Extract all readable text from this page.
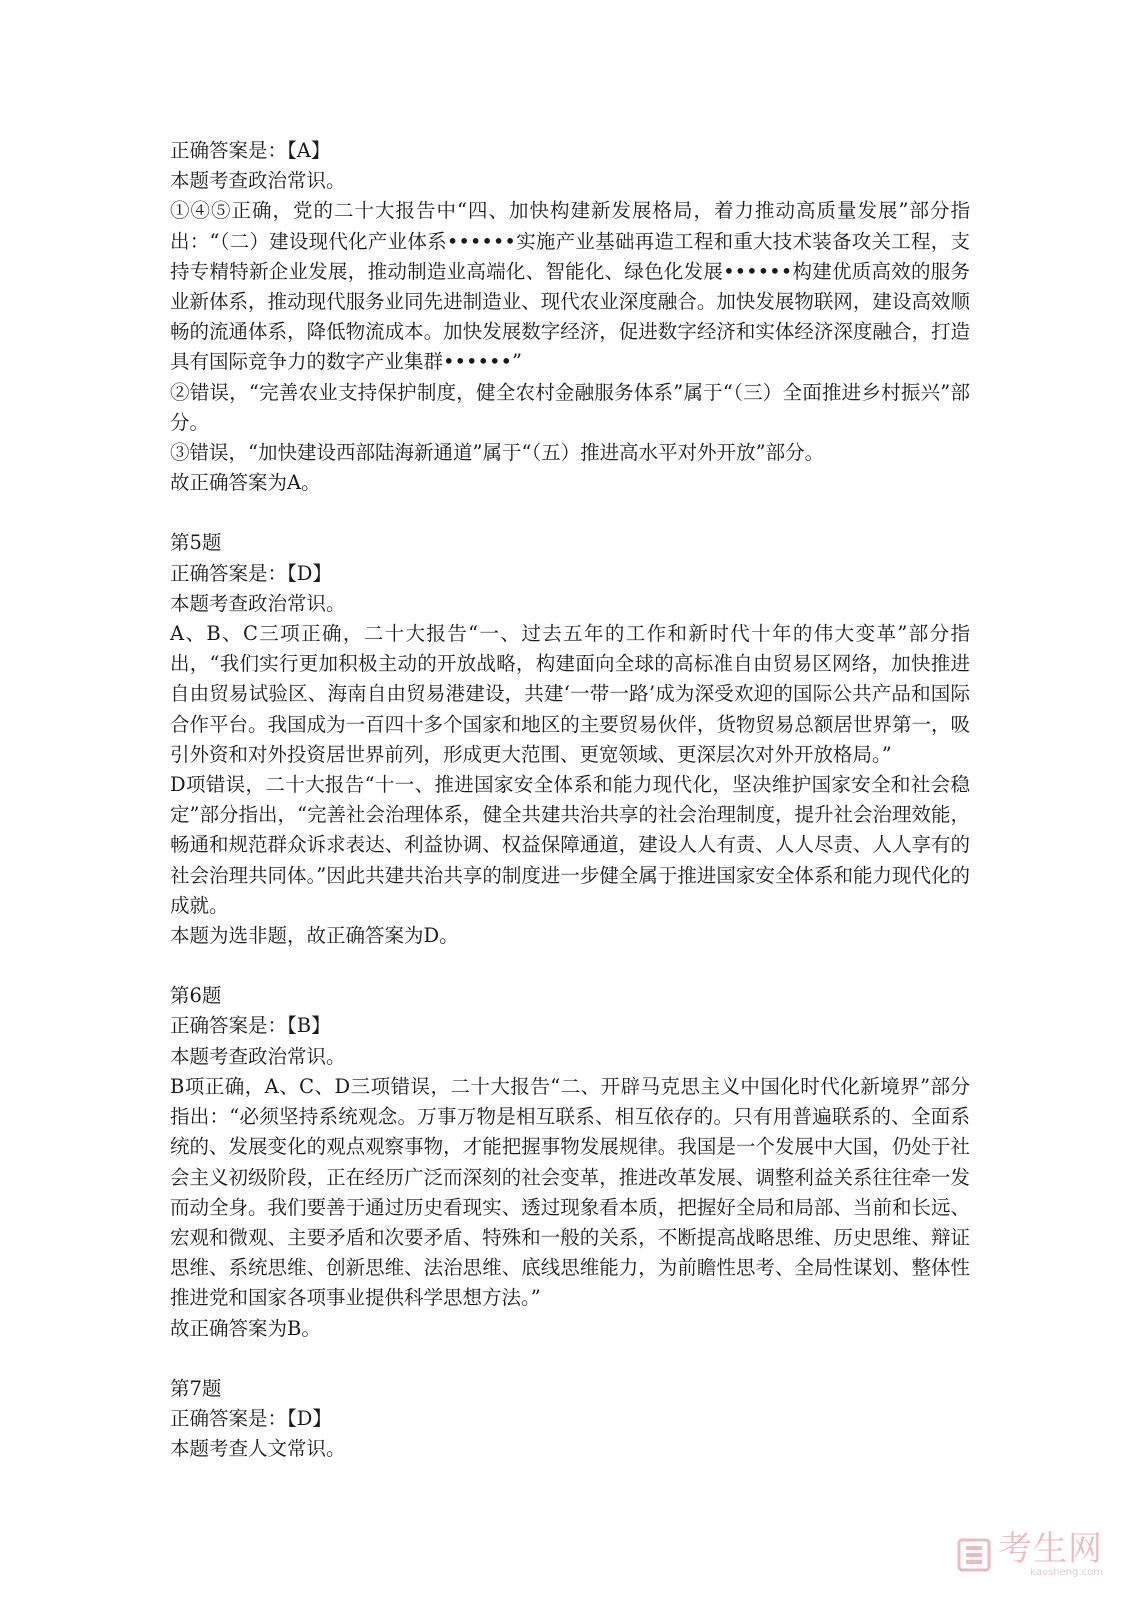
正确答案是：【A】

本题考查政治常识。

①④⑤正确，党的二十大报告中“四、加快构建新发展格局，着力推动高质量发展”部分指出：“（二）建设现代化产业体系••••••实施产业基础再造工程和重大技术装备攻关工程，支持专精特新企业发展，推动制造业高端化、智能化、绿色化发展••••••构建优质高效的服务业新体系，推动现代服务业同先进制造业、现代农业深度融合。加快发展物联网，建设高效顺畅的流通体系，降低物流成本。加快发展数字经济，促进数字经济和实体经济深度融合，打造具有国际竞争力的数字产业集群••••••”

②错误，“完善农业支持保护制度，健全农村金融服务体系”属于“（三）全面推进乡村振兴”部分。

③错误，“加快建设西部陆海新通道”属于“（五）推进高水平对外开放”部分。

故正确答案为A。

第5题

正确答案是：【D】

本题考查政治常识。

A、B、C三项正确，二十大报告“一、过去五年的工作和新时代十年的伟大变革”部分指出，“我们实行更加积极主动的开放战略，构建面向全球的高标准自由贸易区网络，加快推进自由贸易试验区、海南自由贸易港建设，共建‘一带一路’成为深受欢迎的国际公共产品和国际合作平台。我国成为一百四十多个国家和地区的主要贸易伙伴，货物贸易总额居世界第一，吸引外资和对外投资居世界前列，形成更大范围、更宽领域、更深层次对外开放格局。”

D项错误，二十大报告“十一、推进国家安全体系和能力现代化，坚决维护国家安全和社会稳定”部分指出，“完善社会治理体系，健全共建共治共享的社会治理制度，提升社会治理效能，畅通和规范群众诉求表达、利益协调、权益保障通道，建设人人有责、人人尽责、人人享有的社会治理共同体。”因此共建共治共享的制度进一步健全属于推进国家安全体系和能力现代化的成就。

本题为选非题，故正确答案为D。

第6题

正确答案是：【B】

本题考查政治常识。

B项正确，A、C、D三项错误，二十大报告“二、开辟马克思主义中国化时代化新境界”部分指出：“必须坚持系统观念。万事万物是相互联系、相互依存的。只有用普遍联系的、全面系统的、发展变化的观点观察事物，才能把握事物发展规律。我国是一个发展中大国，仍处于社会主义初级阶段，正在经历广泛而深刻的社会变革，推进改革发展、调整利益关系往往牵一发而动全身。我们要善于通过历史看现实、透过现象看本质，把握好全局和局部、当前和长远、宏观和微观、主要矛盾和次要矛盾、特殊和一般的关系，不断提高战略思维、历史思维、辩证思维、系统思维、创新思维、法治思维、底线思维能力，为前瞻性思考、全局性谋划、整体性推进党和国家各项事业提供科学思想方法。”

故正确答案为B。

第7题

正确答案是：【D】

本题考查人文常识。

考生网
kaosheng.com
